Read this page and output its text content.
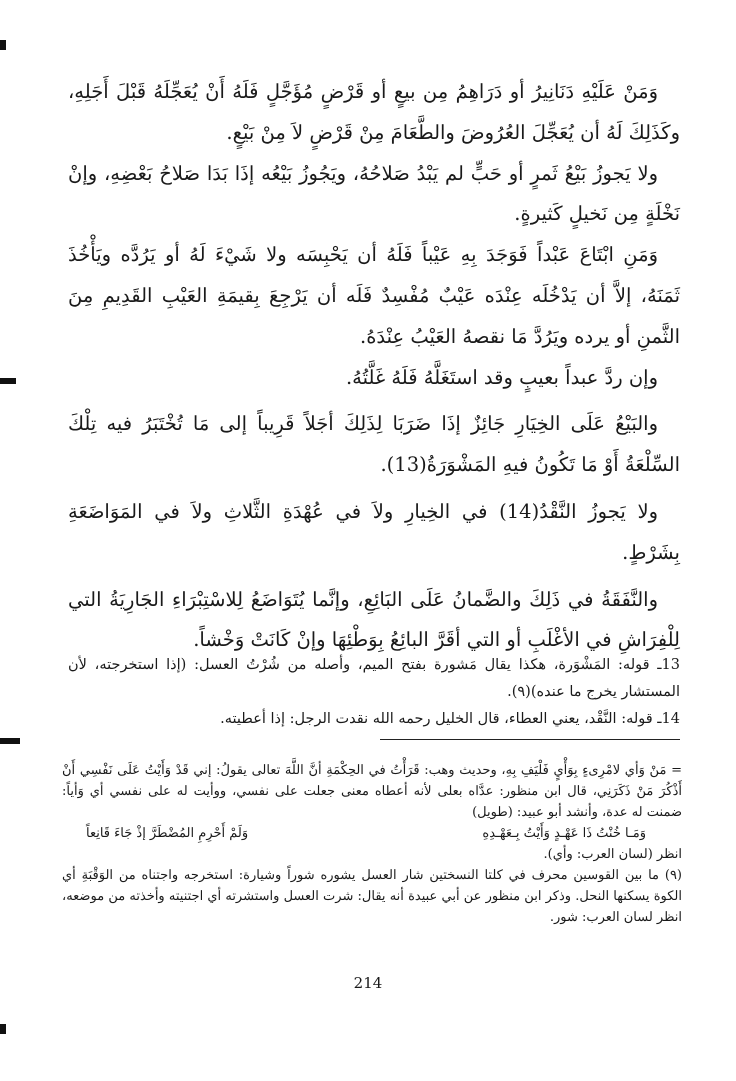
وَمَنْ عَلَيْهِ دَنَانِيرُ أو دَرَاهِمُ مِن بيعٍ أو قَرْضٍ مُؤَجَّلٍ فَلَهُ أَنْ يُعَجِّلَهُ قَبْلَ أَجَلِهِ، وكَذَلِكَ لَهُ أن يُعَجِّلَ العُرُوضَ والطَّعَامَ مِنْ قَرْضٍ لاَ مِنْ بَيْعٍ.

ولا يَجوزُ بَيْعُ ثَمرٍ أو حَبٍّ لم يَبْدُ صَلاحُهُ، ويَجُوزُ بَيْعُه إذَا بَدَا صَلاحُ بَعْضِهِ، وإنْ نَخْلَةٍ مِن نَخيلٍ كَثيرةٍ.

وَمَنِ ابْتَاعَ عَبْداً فَوَجَدَ بِهِ عَيْباً فَلَهُ أن يَحْبِسَه ولا شَيْءَ لَهُ أو يَرُدَّه ويَأْخُذَ ثَمَنَهُ، إلاَّ أن يَدْخُلَه عِنْدَه عَيْبٌ مُفْسِدٌ فَلَه أن يَرْجِعَ بِقيمَةِ العَيْبِ القَدِيمِ مِنَ الثَّمنِ أو يرده ويَرُدَّ مَا نقصهُ العَيْبُ عِنْدَهُ.

وإن ردَّ عبداً بعيبٍ وقد استَغَلَّهُ فَلَهُ غَلَّتُهُ.

والبَيْعُ عَلَى الخِيَارِ جَائِزٌ إذَا ضَرَبَا لِذَلِكَ أجَلاً قَرِيباً إلى مَا تُخْتَبَرُ فيه تِلْكَ السِّلْعَةُ أَوْ مَا تَكُونُ فيهِ المَشْوَرَةُ(13).

ولا يَجوزُ النَّقْدُ(14) في الخِيارِ ولاَ في عُهْدَةِ الثَّلاثِ ولاَ في المَوَاضَعَةِ بِشَرْطٍ.

والنَّفَقَةُ في ذَلِكَ والضَّمانُ عَلَى البَائِعِ، وإنَّما يُتَوَاضَعُ لِلاسْتِبْرَاءِ الجَارِيَةُ التي لِلْفِرَاشِ في الأغْلَبِ أو التي أقَرَّ البائِعُ بِوَطْئِهَا وإنْ كَانَتْ وَخْشاً.

13ـ قوله: المَشْوَرة، هكذا يقال مَشورة بفتح الميم، وأصله من شُرْتُ العسل: (إذا استخرجته، لأن المستشار يخرج ما عنده)(٩).

14ـ قوله: النَّقْد، يعني العطاء، قال الخليل رحمه الله نقدت الرجل: إذا أعطيته.

= مَنْ وَأي لامْرِىءٍ بِوَأْيٍ فَلْيَفِ بِهِ، وحديث وهب: قَرَأْتُ في الحِكْمَةِ أنَّ اللَّهَ تعالى يقولُ: إني قَدْ وَأَيْتُ عَلَى نَفْسِي أَنْ أَذْكُرَ مَنْ ذَكَرَنِي، قال ابن منظور: عدَّاه بعلى لأنه أعطاه معنى جعلت على نفسي، ووأيت له على نفسي أي وَأياً: ضمنت له عدة، وأنشد أبو عبيد: (طويل)

وَمَـا خُنْتُ ذَا عَهْـدٍ وَأَيْتُ بِـعَهْـدِهِ
وَلَمْ أَحْرِمِ المُضْطَرَّ إذْ جَاءَ قَانِعاً

انظر (لسان العرب: وأي).

(٩) ما بين القوسين محرف في كلتا النسختين شار العسل يشوره شوراً وشيارة: استخرجه واجتناه من الوَقْبَةِ أي الكوة يسكنها النحل. وذكر ابن منظور عن أبي عبيدة أنه يقال: شرت العسل واستشرته أي اجتنيته وأخذته من موضعه، انظر لسان العرب: شور.

214
